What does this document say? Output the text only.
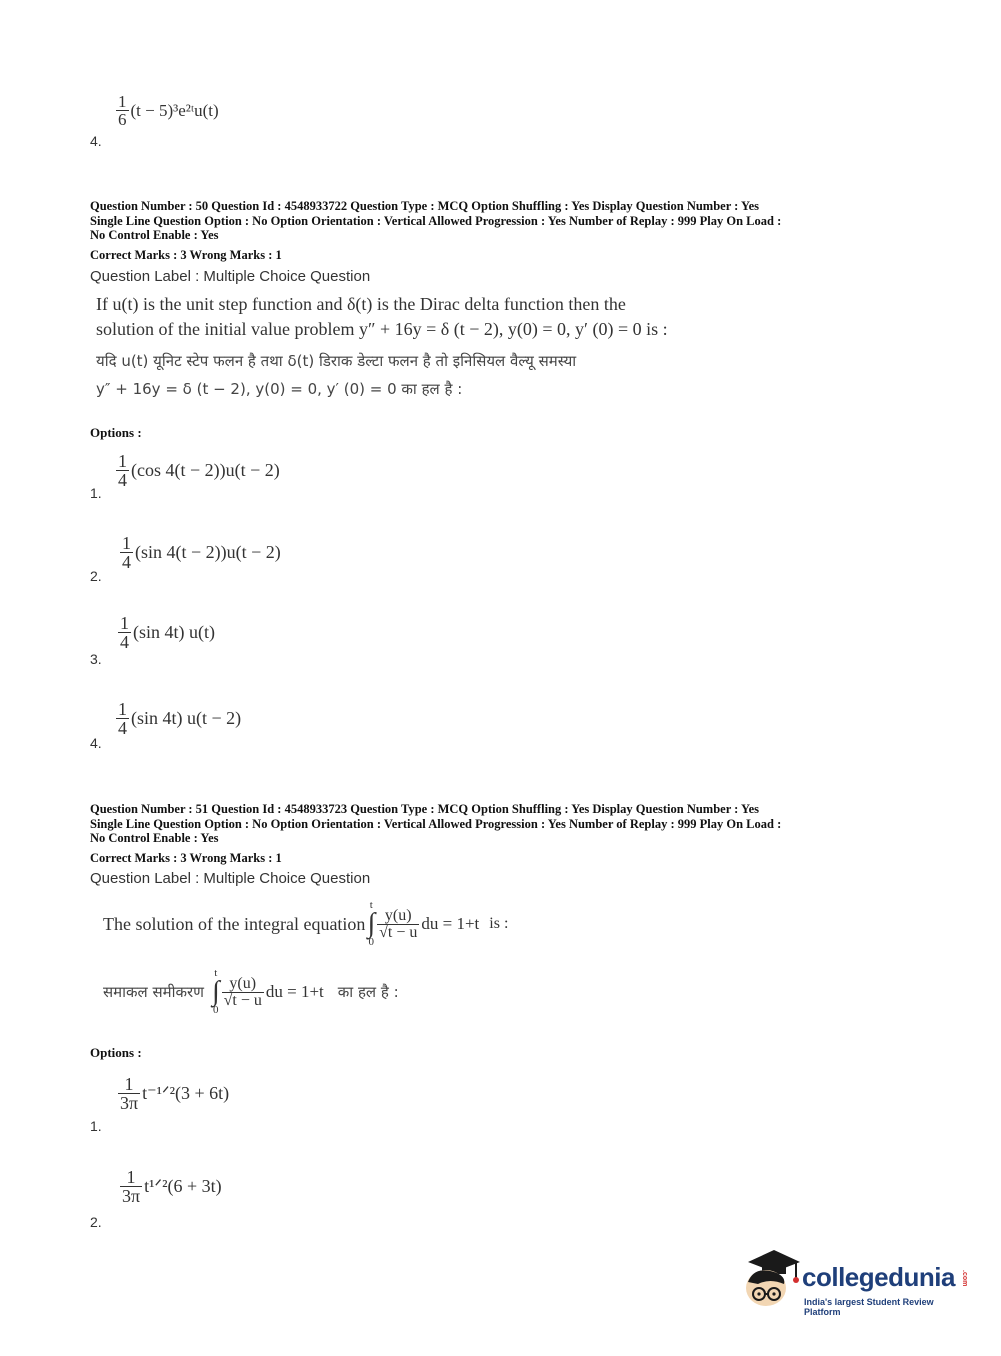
$\frac{1}{6} (t$ − 5)³e²ᵗu(t)
4.
Question Number : 50 Question Id : 4548933722 Question Type : MCQ Option Shuffling : Yes Display Question Number : Yes
Single Line Question Option : No Option Orientation : Vertical Allowed Progression : Yes Number of Replay : 999 Play On Load :
No Control Enable : Yes
Correct Marks : 3 Wrong Marks : 1
Question Label : Multiple Choice Question
If u(t) is the unit step function and δ(t) is the Dirac delta function then the
solution of the initial value problem y″ + 16y = δ (t − 2), y(0) = 0, y′ (0) = 0 is :
यदि u(t) यूनिट स्टेप फलन है तथा δ(t) डिराक डेल्टा फलन है तो इनिसियल वैल्यू समस्या
y″ + 16y = δ (t − 2), y(0) = 0, y′ (0) = 0 का हल है :
Options :
$\frac{1}{4} (\cos$ 4(t − 2))u(t − 2)
1.
$\frac{1}{4} (\sin$ 4(t − 2))u(t − 2)
2.
$\frac{1}{4} (\sin$ 4t) u(t)
3.
$\frac{1}{4} (\sin$ 4t) u(t − 2)
4.
Question Number : 51 Question Id : 4548933723 Question Type : MCQ Option Shuffling : Yes Display Question Number : Yes
Single Line Question Option : No Option Orientation : Vertical Allowed Progression : Yes Number of Replay : 999 Play On Load :
No Control Enable : Yes
Correct Marks : 3 Wrong Marks : 1
Question Label : Multiple Choice Question
The solution of the integral equation
t
∫
0
$\frac{y(u)}{√t - u}$ du = 1+t is :
समाकल समीकरण
t
∫
0
$\frac{y(u)}{√t - u}$ du = 1+t का हल है :
Options :
$\frac{1}{3\pi}$ t⁻¹ᐟ²(3 + 6t)
1.
$\frac{1}{3\pi}$ t¹ᐟ²(6 + 3t)
2.
collegedunia .com
India's largest Student Review Platform
